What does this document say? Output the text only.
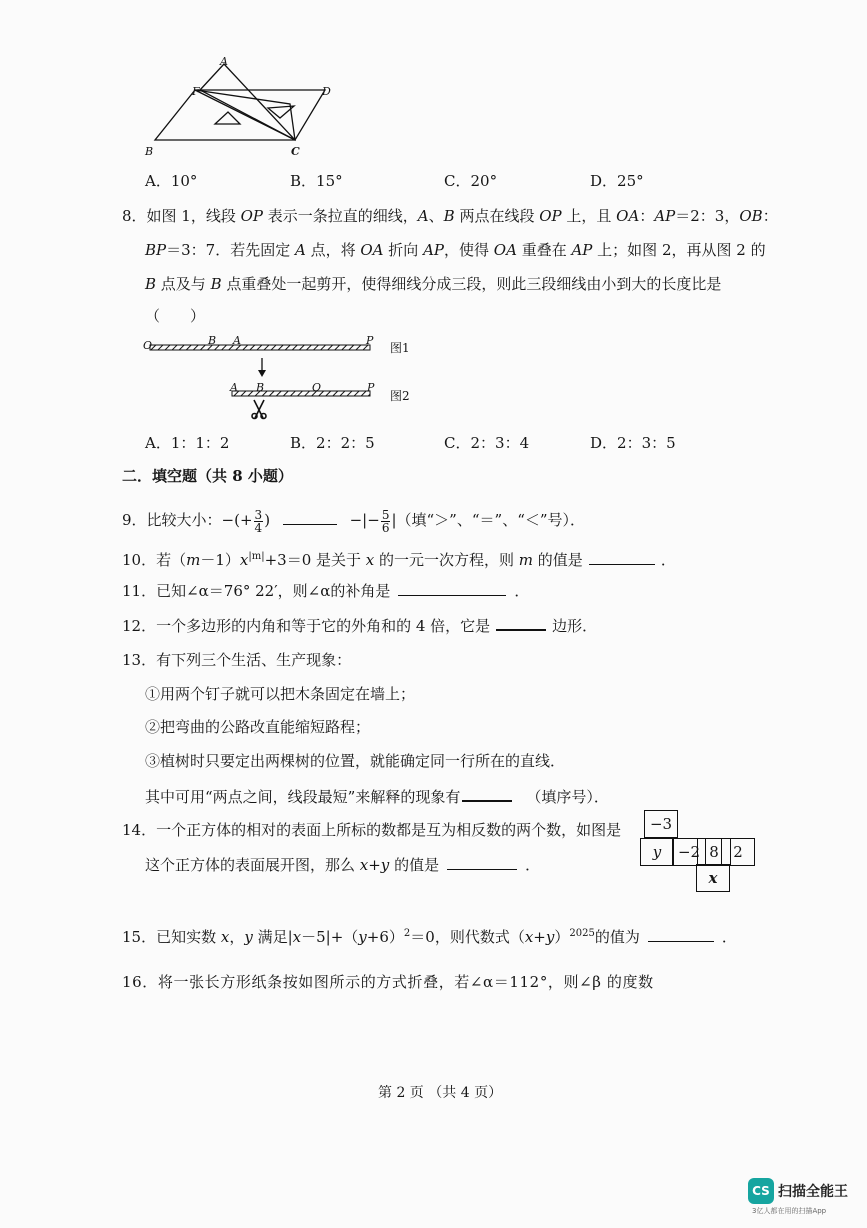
A
F	D
B	C
A．10°	B．15°	C．20°	D．25°
8．如图 1，线段 OP 表示一条拉直的细线，A、B 两点在线段 OP 上，且 OA：AP＝2：3，OB：
BP＝3：7．若先固定 A 点，将 OA 折向 AP，使得 OA 重叠在 AP 上；如图 2，再从图 2 的
B 点及与 B 点重叠处一起剪开，使得细线分成三段，则此三段细线由小到大的长度比是
（　　）
O	B A	P
图1
A B	O	P
图2
A．1：1：2	B．2：2：5	C．2：3：4	D．2：3：5
二．填空题（共 8 小题）
9．比较大小：−(+ $\frac{3}{4}$ )	−|− $\frac{5}{6}$ |（填“＞”、“＝”、“＜”号）．
10．若$(m-1)x^{|m|}+3=0$ 是关于 x 的一元一次方程，则 m 的值是	．
11．已知∠α＝76° 22′，则∠α的补角是	．
12．一个多边形的内角和等于它的外角和的 4 倍，它是	边形．
13．有下列三个生活、生产现象：
①用两个钉子就可以把木条固定在墙上；
②把弯曲的公路改直能缩短路程；
③植树时只要定出两棵树的位置，就能确定同一行所在的直线．
其中可用“两点之间，线段最短”来解释的现象有	（填序号）．
14．一个正方体的相对的表面上所标的数都是互为相反数的两个数，如图是
这个正方体的表面展开图，那么 x+y 的值是	．
−3
y	−2 8 2
x
15．已知实数 x，y 满足$|x-5|+(y+6)^2=0$，则代数式$(x+y)^{2025}$的值为	．
16．将一张长方形纸条按如图所示的方式折叠，若∠α＝112°，则∠β 的度数
第 2 页 （共 4 页）
CS 扫描全能王
3亿人都在用的扫描App
